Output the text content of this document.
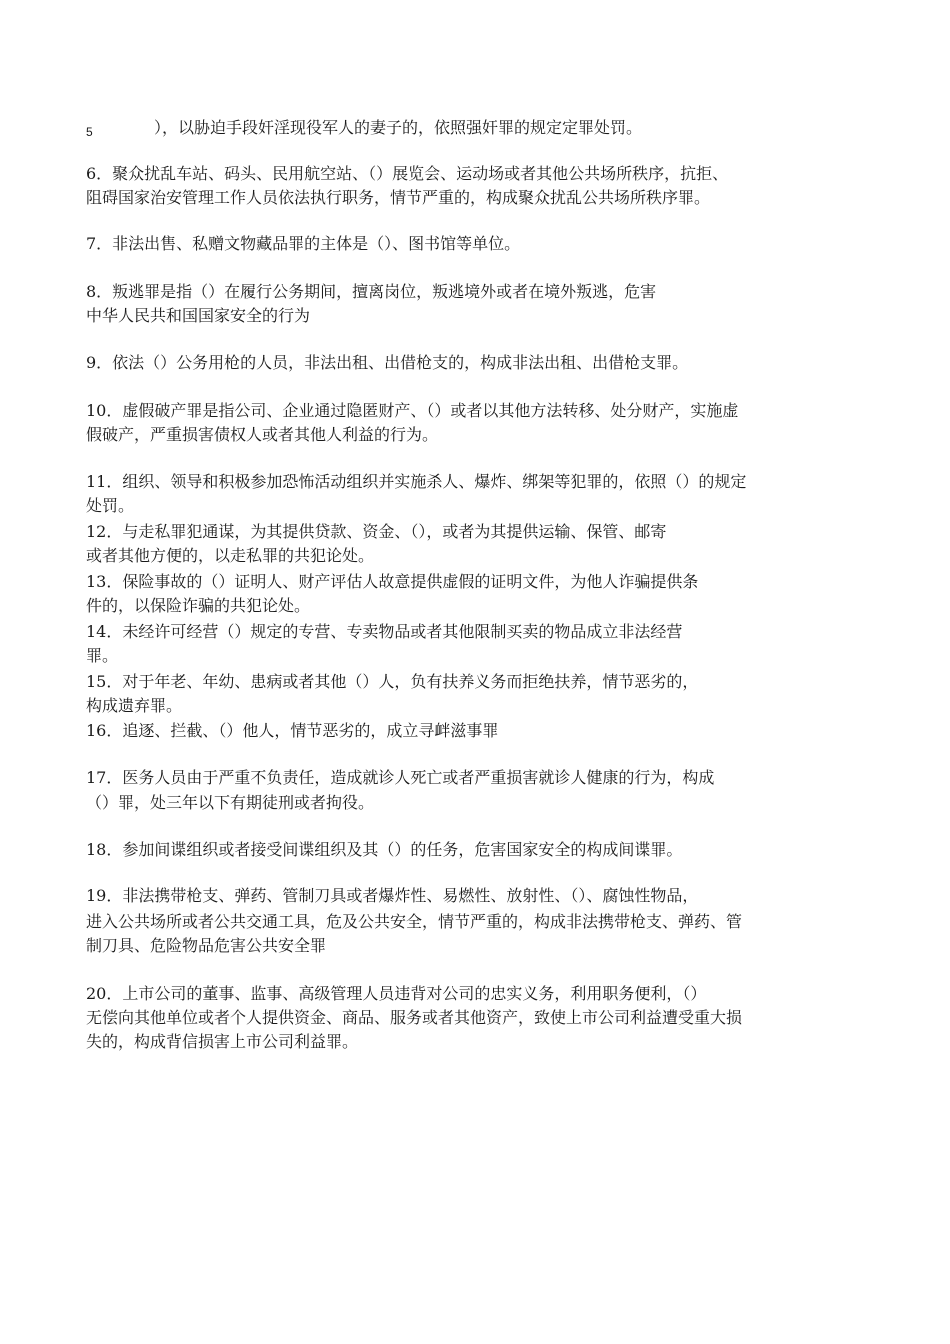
5	），以胁迫手段奸淫现役军人的妻子的，依照强奸罪的规定定罪处罚。
6．聚众扰乱车站、码头、民用航空站、（）展览会、运动场或者其他公共场所秩序，抗拒、
阻碍国家治安管理工作人员依法执行职务，情节严重的，构成聚众扰乱公共场所秩序罪。
7．非法出售、私赠文物藏品罪的主体是（）、图书馆等单位。
8．叛逃罪是指（）在履行公务期间，擅离岗位，叛逃境外或者在境外叛逃，危害
中华人民共和国国家安全的行为
9．依法（）公务用枪的人员，非法出租、出借枪支的，构成非法出租、出借枪支罪。
10．虚假破产罪是指公司、企业通过隐匿财产、（）或者以其他方法转移、处分财产，实施虚
假破产，严重损害债权人或者其他人利益的行为。
11．组织、领导和积极参加恐怖活动组织并实施杀人、爆炸、绑架等犯罪的，依照（）的规定
处罚。
12．与走私罪犯通谋，为其提供贷款、资金、（），或者为其提供运输、保管、邮寄
或者其他方便的，以走私罪的共犯论处。
13．保险事故的（）证明人、财产评估人故意提供虚假的证明文件，为他人诈骗提供条
件的，以保险诈骗的共犯论处。
14．未经许可经营（）规定的专营、专卖物品或者其他限制买卖的物品成立非法经营
罪。
15．对于年老、年幼、患病或者其他（）人，负有扶养义务而拒绝扶养，情节恶劣的，
构成遗弃罪。
16．追逐、拦截、（）他人，情节恶劣的，成立寻衅滋事罪
17．医务人员由于严重不负责任，造成就诊人死亡或者严重损害就诊人健康的行为，构成
（）罪，处三年以下有期徒刑或者拘役。
18．参加间谍组织或者接受间谍组织及其（）的任务，危害国家安全的构成间谍罪。
19．非法携带枪支、弹药、管制刀具或者爆炸性、易燃性、放射性、（）、腐蚀性物品，
进入公共场所或者公共交通工具，危及公共安全，情节严重的，构成非法携带枪支、弹药、管
制刀具、危险物品危害公共安全罪
20．上市公司的董事、监事、高级管理人员违背对公司的忠实义务，利用职务便利，（）
无偿向其他单位或者个人提供资金、商品、服务或者其他资产，致使上市公司利益遭受重大损
失的，构成背信损害上市公司利益罪。
